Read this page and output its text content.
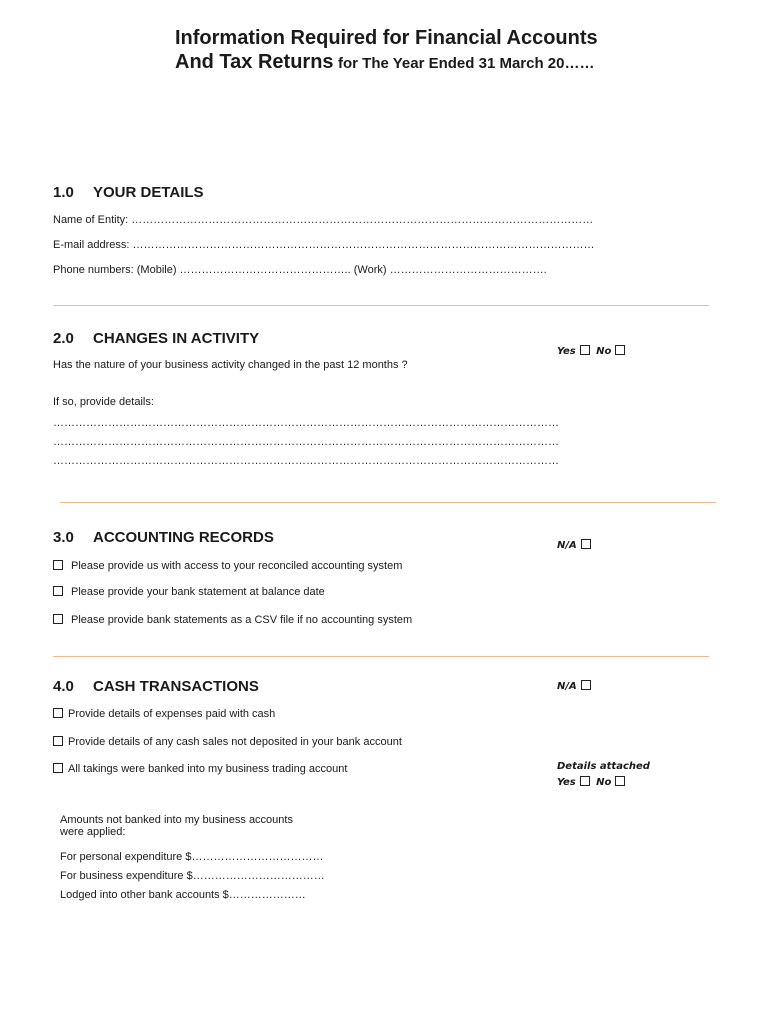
Information Required for Financial Accounts
And Tax Returns for The Year Ended 31 March 20……
1.0 YOUR DETAILS
Name of Entity: ………………………………………………………………………………………………………………
E-mail address: ………………………………………………………………………………………………………………
Phone numbers: (Mobile) ……………………………………….. (Work) …………………………………….
2.0 CHANGES IN ACTIVITY
Yes No
Has the nature of your business activity changed in the past 12 months ?
If so, provide details:
…………………………………………………………………………………………………………………………
…………………………………………………………………………………………………………………………
…………………………………………………………………………………………………………………………
3.0 ACCOUNTING RECORDS	N/A
Please provide us with access to your reconciled accounting system
Please provide your bank statement at balance date
Please provide bank statements as a CSV file if no accounting system
4.0 CASH TRANSACTIONS	N/A
Provide details of expenses paid with cash
Provide details of any cash sales not deposited in your bank account
All takings were banked into my business trading account	Details attached
Yes No
Amounts not banked into my business accounts
were applied:
For personal expenditure $………………………………
For business expenditure $………………………………
Lodged into other bank accounts $…………………
